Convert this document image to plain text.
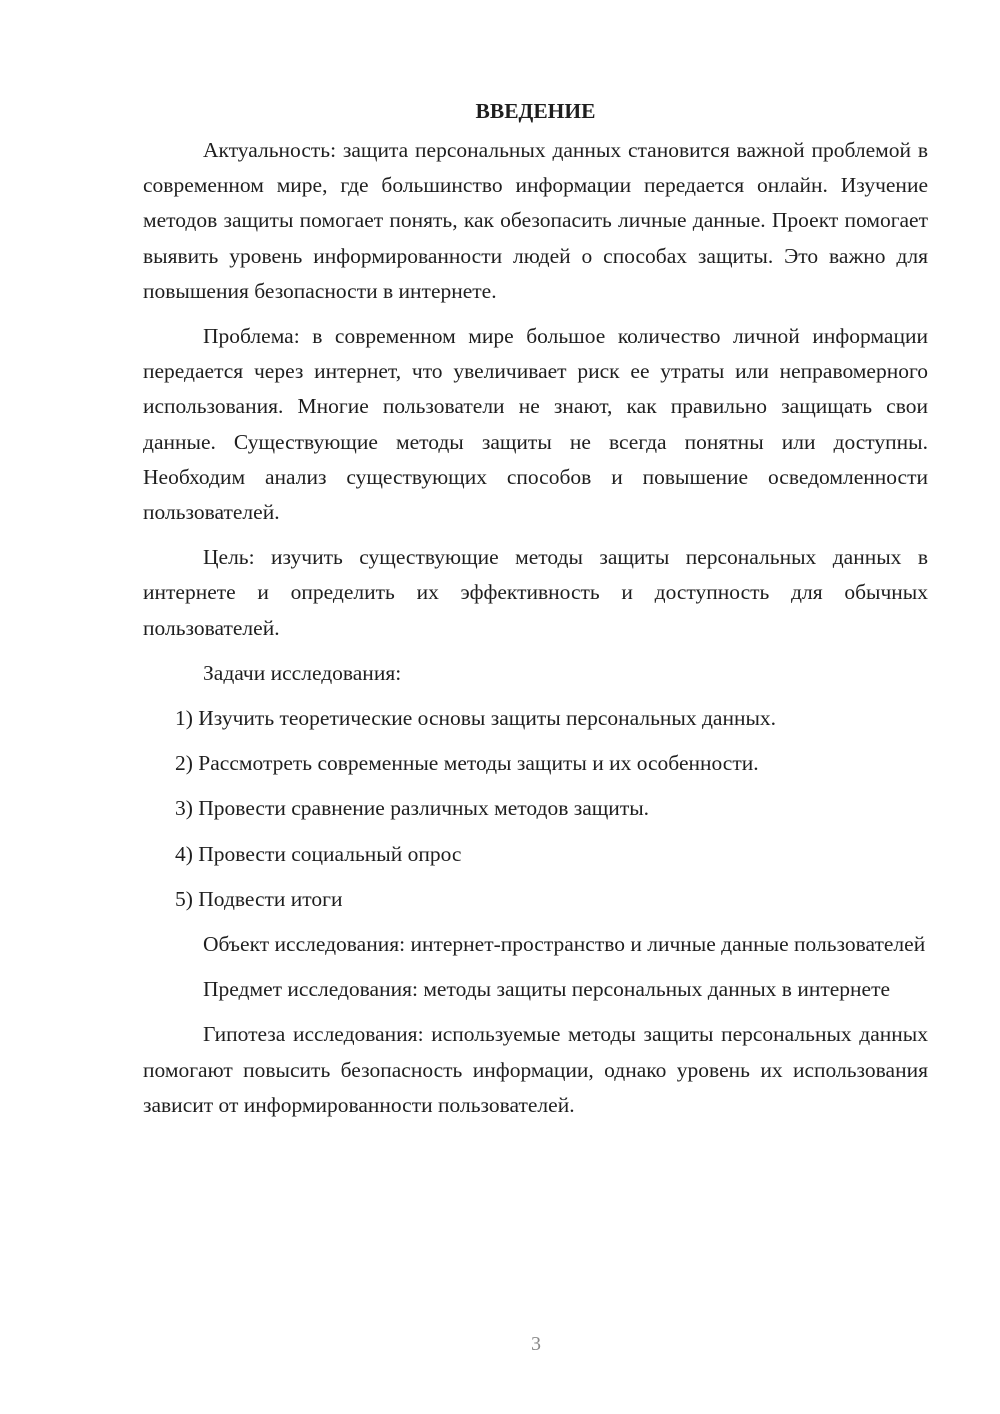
ВВЕДЕНИЕ

Актуальность: защита персональных данных становится важной проблемой в современном мире, где большинство информации передается онлайн. Изучение методов защиты помогает понять, как обезопасить личные данные. Проект помогает выявить уровень информированности людей о способах защиты. Это важно для повышения безопасности в интернете.

Проблема: в современном мире большое количество личной информации передается через интернет, что увеличивает риск ее утраты или неправомерного использования. Многие пользователи не знают, как правильно защищать свои данные. Существующие методы защиты не всегда понятны или доступны. Необходим анализ существующих способов и повышение осведомленности пользователей.

Цель: изучить существующие методы защиты персональных данных в интернете и определить их эффективность и доступность для обычных пользователей.

Задачи исследования:

1) Изучить теоретические основы защиты персональных данных.
2) Рассмотреть современные методы защиты и их особенности.
3) Провести сравнение различных методов защиты.
4) Провести социальный опрос
5) Подвести итоги

Объект исследования: интернет-пространство и личные данные пользователей

Предмет исследования: методы защиты персональных данных в интернете

Гипотеза исследования: используемые методы защиты персональных данных помогают повысить безопасность информации, однако уровень их использования зависит от информированности пользователей.

3
